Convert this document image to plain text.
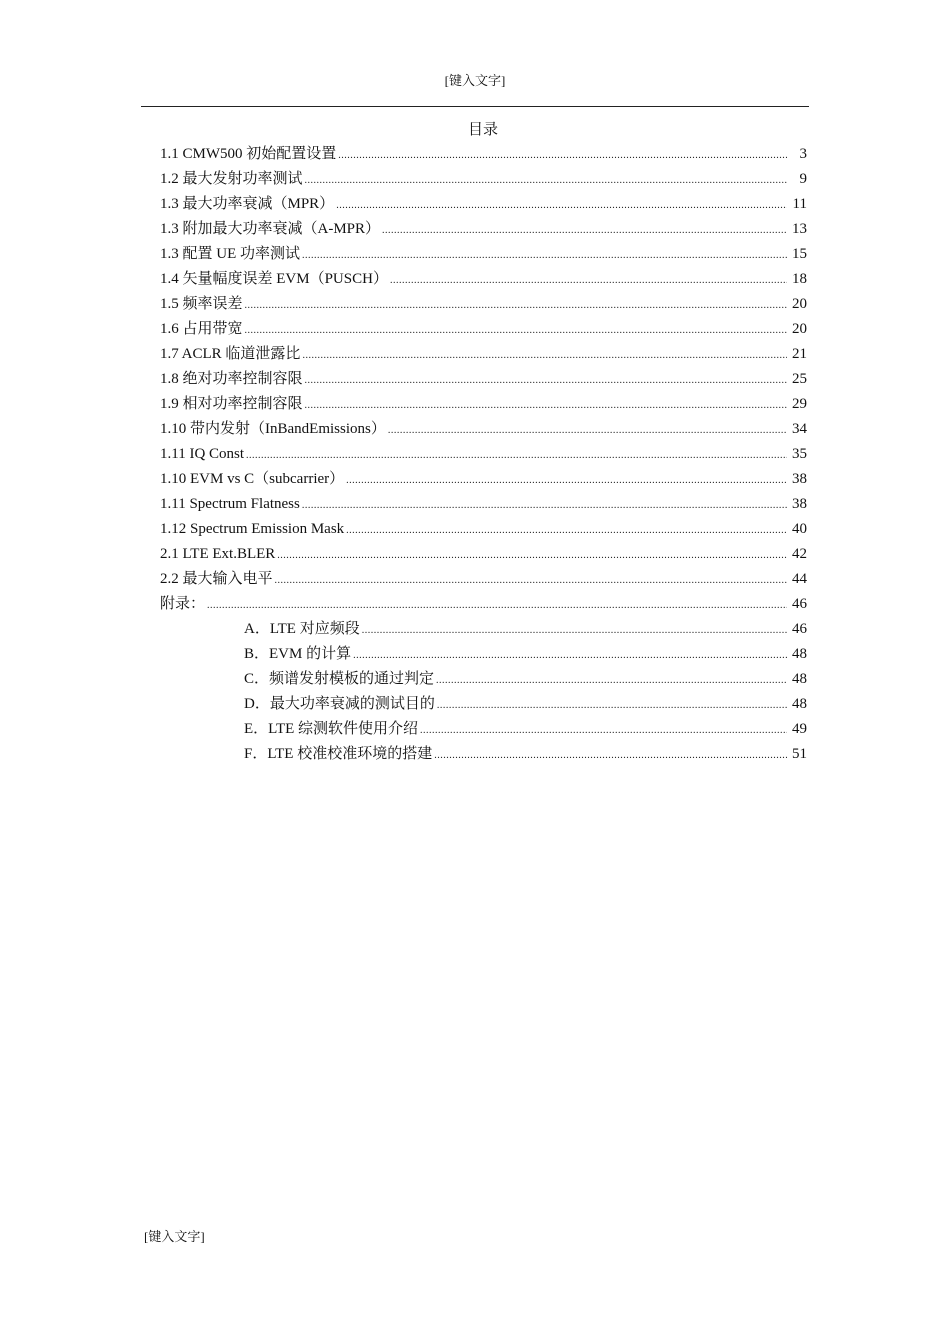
[键入文字]
目录
1.1 CMW500 初始配置设置 .....	3
1.2 最大发射功率测试 .....	9
1.3 最大功率衰减（MPR） .....	11
1.3 附加最大功率衰减（A-MPR） .....	13
1.3 配置 UE 功率测试 .....	15
1.4 矢量幅度误差 EVM（PUSCH） .....	18
1.5 频率误差 .....	20
1.6 占用带宽 .....	20
1.7 ACLR 临道泄露比 .....	21
1.8 绝对功率控制容限 .....	25
1.9 相对功率控制容限 .....	29
1.10 带内发射（InBandEmissions） .....	34
1.11 IQ Const .....	35
1.10 EVM vs C（subcarrier） .....	38
1.11 Spectrum Flatness .....	38
1.12 Spectrum Emission Mask .....	40
2.1 LTE Ext.BLER .....	42
2.2 最大输入电平 .....	44
附录： .....	46
A．LTE 对应频段 .....	46
B．EVM 的计算 .....	48
C．频谱发射模板的通过判定 .....	48
D．最大功率衰减的测试目的 .....	48
E．LTE 综测软件使用介绍 .....	49
F．LTE 校准校准环境的搭建 .....	51
[键入文字]
